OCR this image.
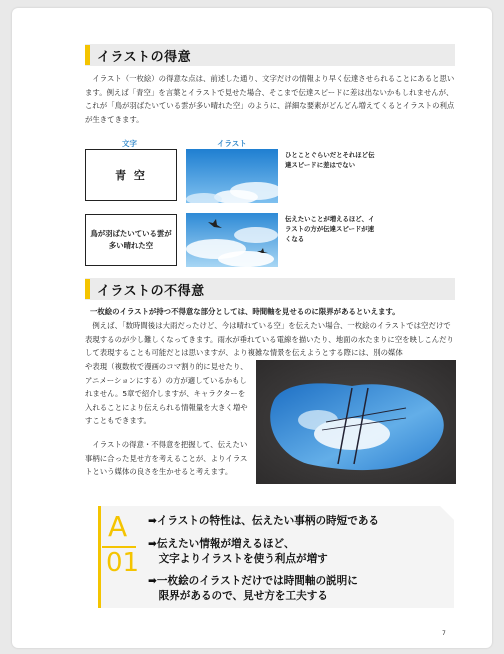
イラストの得意

　イラスト（一枚絵）の得意な点は、前述した通り、文字だけの情報より早く伝達させられることにあると思います。例えば「青空」を言葉とイラストで見せた場合、そこまで伝達スピードに差は出ないかもしれませんが、これが「鳥が羽ばたいている雲が多い晴れた空」のように、詳細な要素がどんどん増えてくるとイラストの利点が生きてきます。

文字	イラスト
青 空
ひとことぐらいだとそれほど伝達スピードに差はでない
鳥が羽ばたいている雲が多い晴れた空
伝えたいことが増えるほど、イラストの方が伝達スピードが速くなる
イラストの不得意

一枚絵のイラストが持つ不得意な部分としては、時間軸を見せるのに限界があるといえます。

　例えば、「数時間後は大雨だったけど、今は晴れている空」を伝えたい場合、一枚絵のイラストでは空だけで表現するのが少し難しくなってきます。雨水が垂れている電線を描いたり、地面の水たまりに空を映しこんだりして表現することも可能だとは思いますが、より複雑な情景を伝えようとする際には、別の媒体

や表現（複数枚で漫画のコマ割り的に見せたり、アニメーションにする）の方が適しているかもしれません。5章で紹介しますが、キャラクターを入れることにより伝えられる情報量を大きく増やすこともできます。

　イラストの得意・不得意を把握して、伝えたい事柄に合った見せ方を考えることが、よりイラストという媒体の良さを生かせると考えます。

A
01
➡イラストの特性は、伝えたい事柄の時短である
➡伝えたい情報が増えるほど、
　文字よりイラストを使う利点が増す
➡一枚絵のイラストだけでは時間軸の説明に
　限界があるので、見せ方を工夫する
7
